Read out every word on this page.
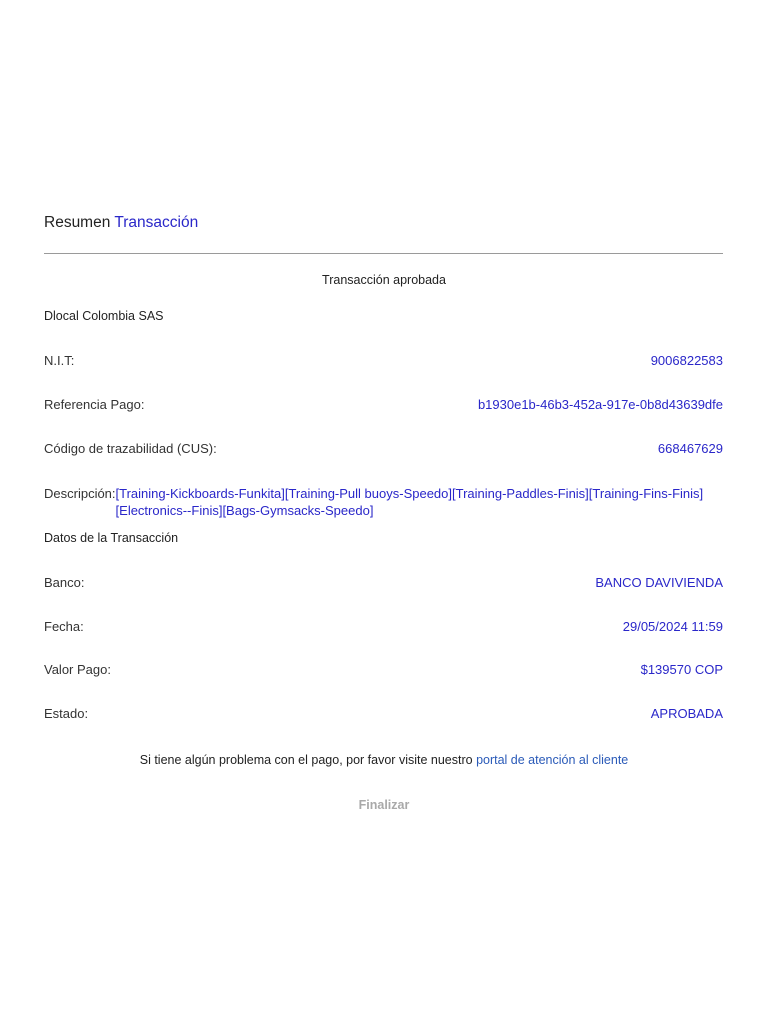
Resumen Transacción
Transacción aprobada
Dlocal Colombia SAS
N.I.T:	9006822583
Referencia Pago:	b1930e1b-46b3-452a-917e-0b8d43639dfe
Código de trazabilidad (CUS):	668467629
Descripción: [Training-Kickboards-Funkita][Training-Pull buoys-Speedo][Training-Paddles-Finis][Training-Fins-Finis][Electronics--Finis][Bags-Gymsacks-Speedo]
Datos de la Transacción
Banco:	BANCO DAVIVIENDA
Fecha:	29/05/2024 11:59
Valor Pago:	$139570 COP
Estado:	APROBADA
Si tiene algún problema con el pago, por favor visite nuestro portal de atención al cliente
Finalizar
